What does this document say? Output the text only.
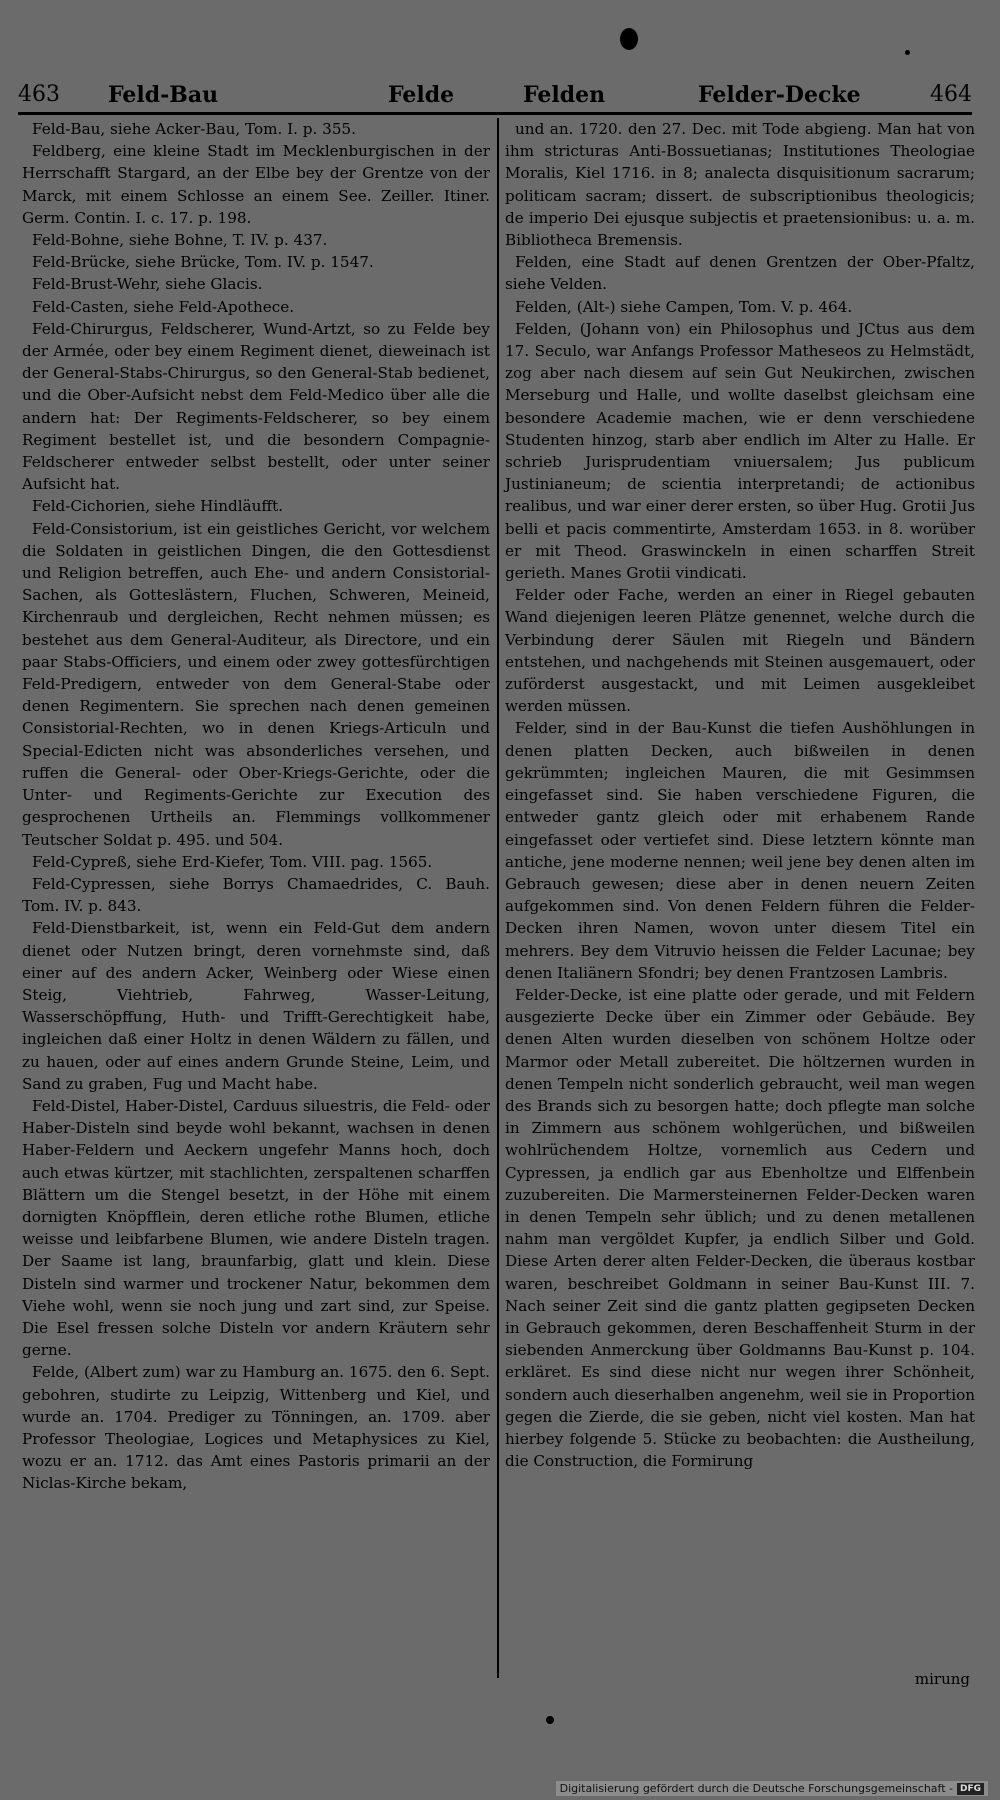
463 Feld-Bau	Felde	Felden	Felder-Decke	464
Feld-Bau, siehe Acker-Bau, Tom. I. p. 355.
Feldberg, eine kleine Stadt im Mecklenburgischen in der Herrschafft Stargard, an der Elbe bey der Grentze von der Marck, mit einem Schlosse an einem See. Zeiller. Itiner. Germ. Contin. I. c. 17. p. 198.
Feld-Bohne, siehe Bohne, T. IV. p. 437.
Feld-Brücke, siehe Brücke, Tom. IV. p. 1547.
Feld-Brust-Wehr, siehe Glacis.
Feld-Casten, siehe Feld-Apothece.
Feld-Chirurgus, Feldscherer, Wund-Artzt, so zu Felde bey der Armée, oder bey einem Regiment dienet, dieweinach ist der General-Stabs-Chirurgus, so den General-Stab bedienet, und die Ober-Aufsicht nebst dem Feld-Medico über alle die andern hat: Der Regiments-Feldscherer, so bey einem Regiment bestellet ist, und die besondern Compagnie-Feldscherer entweder selbst bestellt, oder unter seiner Aufsicht hat.
Feld-Cichorien, siehe Hindläufft.
Feld-Consistorium, ist ein geistliches Gericht, vor welchem die Soldaten in geistlichen Dingen, die den Gottesdienst und Religion betreffen, auch Ehe- und andern Consistorial-Sachen, als Gotteslästern, Fluchen, Schweren, Meineid, Kirchenraub und dergleichen, Recht nehmen müssen; es bestehet aus dem General-Auditeur, als Directore, und ein paar Stabs-Officiers, und einem oder zwey gottesfürchtigen Feld-Predigern, entweder von dem General-Stabe oder denen Regimentern. Sie sprechen nach denen gemeinen Consistorial-Rechten, wo in denen Kriegs-Articuln und Special-Edicten nicht was absonderliches versehen, und ruffen die General- oder Ober-Kriegs-Gerichte, oder die Unter- und Regiments-Gerichte zur Execution des gesprochenen Urtheils an. Flemmings vollkommener Teutscher Soldat p. 495. und 504.
Feld-Cypreß, siehe Erd-Kiefer, Tom. VIII. pag. 1565.
Feld-Cypressen, siehe Borrys Chamaedrides, C. Bauh. Tom. IV. p. 843.
Feld-Dienstbarkeit, ist, wenn ein Feld-Gut dem andern dienet oder Nutzen bringt, deren vornehmste sind, daß einer auf des andern Acker, Weinberg oder Wiese einen Steig, Viehtrieb, Fahrweg, Wasser-Leitung, Wasserschöpffung, Huth- und Trifft-Gerechtigkeit habe, ingleichen daß einer Holtz in denen Wäldern zu fällen, und zu hauen, oder auf eines andern Grunde Steine, Leim, und Sand zu graben, Fug und Macht habe.
Feld-Distel, Haber-Distel, Carduus siluestris, die Feld- oder Haber-Disteln sind beyde wohl bekannt, wachsen in denen Haber-Feldern und Aeckern ungefehr Manns hoch, doch auch etwas kürtzer, mit stachlichten, zerspaltenen scharffen Blättern um die Stengel besetzt, in der Höhe mit einem dornigten Knöpfflein, deren etliche rothe Blumen, etliche weisse und leibfarbene Blumen, wie andere Disteln tragen. Der Saame ist lang, braunfarbig, glatt und klein. Diese Disteln sind warmer und trockener Natur, bekommen dem Viehe wohl, wenn sie noch jung und zart sind, zur Speise. Die Esel fressen solche Disteln vor andern Kräutern sehr gerne.
Felde, (Albert zum) war zu Hamburg an. 1675. den 6. Sept. gebohren, studirte zu Leipzig, Wittenberg und Kiel, und wurde an. 1704. Prediger zu Tönningen, an. 1709. aber Professor Theologiae, Logices und Metaphysices zu Kiel, wozu er an. 1712. das Amt eines Pastoris primarii an der Niclas-Kirche bekam,
und an. 1720. den 27. Dec. mit Tode abgieng. Man hat von ihm stricturas Anti-Bossuetianas; Institutiones Theologiae Moralis, Kiel 1716. in 8; analecta disquisitionum sacrarum; politicam sacram; dissert. de subscriptionibus theologicis; de imperio Dei ejusque subjectis et praetensionibus: u. a. m. Bibliotheca Bremensis.
Felden, eine Stadt auf denen Grentzen der Ober-Pfaltz, siehe Velden.
Felden, (Alt-) siehe Campen, Tom. V. p. 464.
Felden, (Johann von) ein Philosophus und JCtus aus dem 17. Seculo, war Anfangs Professor Matheseos zu Helmstädt, zog aber nach diesem auf sein Gut Neukirchen, zwischen Merseburg und Halle, und wollte daselbst gleichsam eine besondere Academie machen, wie er denn verschiedene Studenten hinzog, starb aber endlich im Alter zu Halle. Er schrieb Jurisprudentiam vniuersalem; Jus publicum Justinianeum; de scientia interpretandi; de actionibus realibus, und war einer derer ersten, so über Hug. Grotii Jus belli et pacis commentirte, Amsterdam 1653. in 8. worüber er mit Theod. Graswinckeln in einen scharffen Streit gerieth. Manes Grotii vindicati.
Felder oder Fache, werden an einer in Riegel gebauten Wand diejenigen leeren Plätze genennet, welche durch die Verbindung derer Säulen mit Riegeln und Bändern entstehen, und nachgehends mit Steinen ausgemauert, oder zuförderst ausgestackt, und mit Leimen ausgekleibet werden müssen.
Felder, sind in der Bau-Kunst die tiefen Aushöhlungen in denen platten Decken, auch bißweilen in denen gekrümmten; ingleichen Mauren, die mit Gesimmsen eingefasset sind. Sie haben verschiedene Figuren, die entweder gantz gleich oder mit erhabenem Rande eingefasset oder vertiefet sind. Diese letztern könnte man antiche, jene moderne nennen; weil jene bey denen alten im Gebrauch gewesen; diese aber in denen neuern Zeiten aufgekommen sind. Von denen Feldern führen die Felder-Decken ihren Namen, wovon unter diesem Titel ein mehrers. Bey dem Vitruvio heissen die Felder Lacunae; bey denen Italiänern Sfondri; bey denen Frantzosen Lambris.
Felder-Decke, ist eine platte oder gerade, und mit Feldern ausgezierte Decke über ein Zimmer oder Gebäude. Bey denen Alten wurden dieselben von schönem Holtze oder Marmor oder Metall zubereitet. Die höltzernen wurden in denen Tempeln nicht sonderlich gebraucht, weil man wegen des Brands sich zu besorgen hatte; doch pflegte man solche in Zimmern aus schönem wohlgerüchen, und bißweilen wohlrüchendem Holtze, vornemlich aus Cedern und Cypressen, ja endlich gar aus Ebenholtze und Elffenbein zuzubereiten. Die Marmersteinernen Felder-Decken waren in denen Tempeln sehr üblich; und zu denen metallenen nahm man vergöldet Kupfer, ja endlich Silber und Gold. Diese Arten derer alten Felder-Decken, die überaus kostbar waren, beschreibet Goldmann in seiner Bau-Kunst III. 7. Nach seiner Zeit sind die gantz platten gegipseten Decken in Gebrauch gekommen, deren Beschaffenheit Sturm in der siebenden Anmerckung über Goldmanns Bau-Kunst p. 104. erkläret. Es sind diese nicht nur wegen ihrer Schönheit, sondern auch dieserhalben angenehm, weil sie in Proportion gegen die Zierde, die sie geben, nicht viel kosten. Man hat hierbey folgende 5. Stücke zu beobachten: die Austheilung, die Construction, die Formirung
mirung
Digitalisierung gefördert durch die Deutsche Forschungsgemeinschaft - DFG
